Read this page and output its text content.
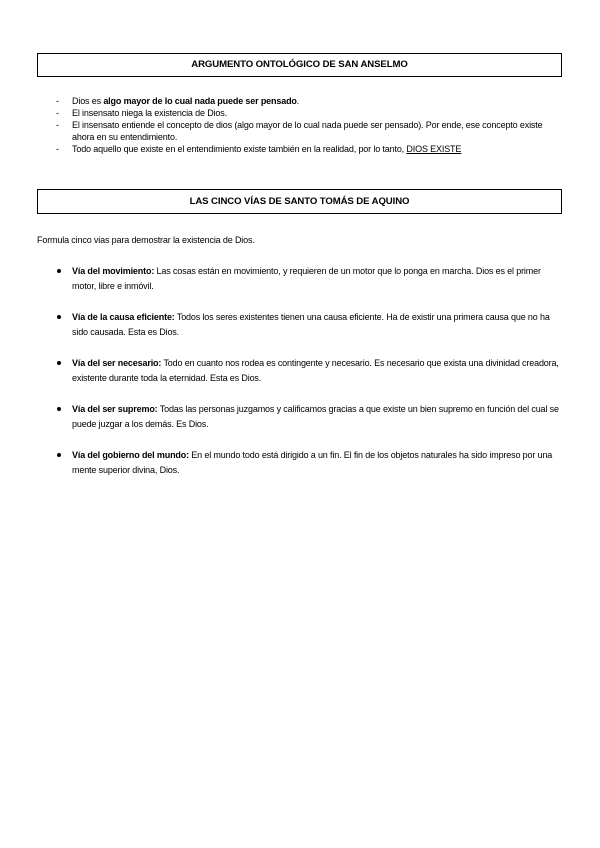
ARGUMENTO ONTOLÓGICO DE SAN ANSELMO
- Dios es algo mayor de lo cual nada puede ser pensado.
- El insensato niega la existencia de Dios.
- El insensato entiende el concepto de dios (algo mayor de lo cual nada puede ser pensado). Por ende, ese concepto existe ahora en su entendimiento.
- Todo aquello que existe en el entendimiento existe también en la realidad, por lo tanto, DIOS EXISTE
LAS CINCO VÍAS DE SANTO TOMÁS DE AQUINO
Formula cinco vias para demostrar la existencia de Dios.
Vía del movimiento: Las cosas están en movimiento, y requieren de un motor que lo ponga en marcha. Dios es el primer motor, libre e inmóvil.
Vía de la causa eficiente: Todos los seres existentes tienen una causa eficiente. Ha de existir una primera causa que no ha sido causada. Esta es Dios.
Vía del ser necesario: Todo en cuanto nos rodea es contingente y necesario. Es necesario que exista una divinidad creadora, existente durante toda la eternidad. Esta es Dios.
Vía del ser supremo: Todas las personas juzgamos y calificamos gracias a que existe un bien supremo en función del cual se puede juzgar a los demás. Es Dios.
Vía del gobierno del mundo: En el mundo todo está dirigido a un fin. El fin de los objetos naturales ha sido impreso por una mente superior divina, Dios.
